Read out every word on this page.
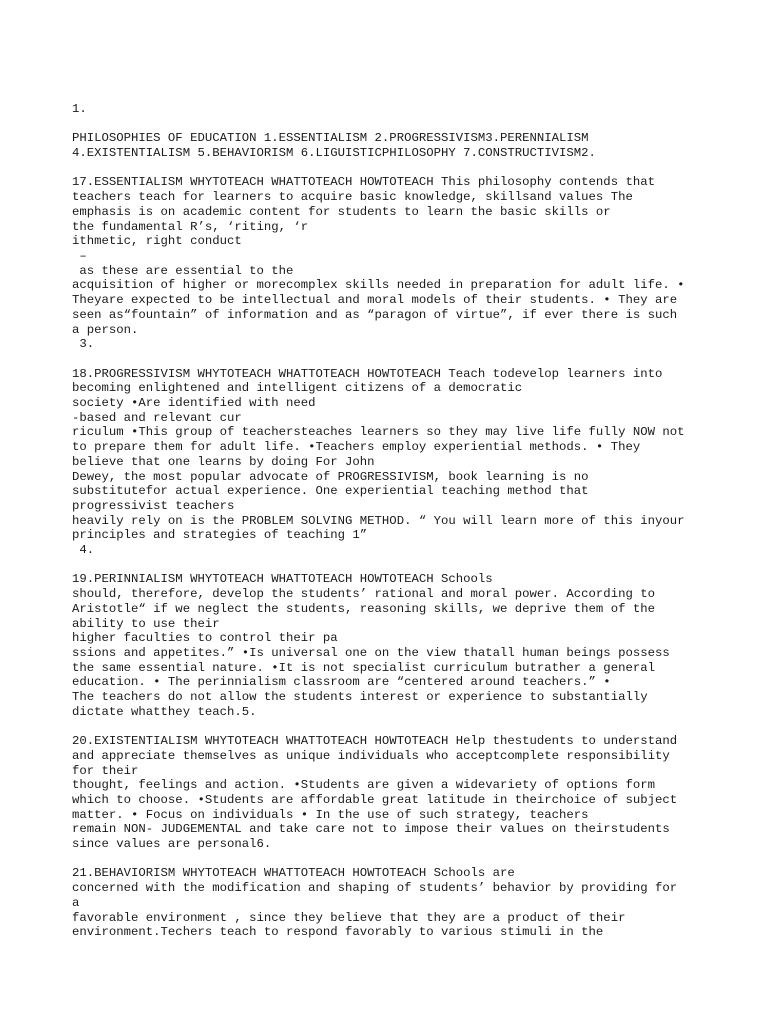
1.
PHILOSOPHIES OF EDUCATION 1.ESSENTIALISM 2.PROGRESSIVISM3.PERENNIALISM
4.EXISTENTIALISM 5.BEHAVIORISM 6.LIGUISTICPHILOSOPHY 7.CONSTRUCTIVISM2.
17.ESSENTIALISM WHYTOTEACH WHATTOTEACH HOWTOTEACH This philosophy contends that
teachers teach for learners to acquire basic knowledge, skillsand values The
emphasis is on academic content for students to learn the basic skills or
the fundamental R’s, ‘riting, ‘r
ithmetic, right conduct
–
as these are essential to the
acquisition of higher or morecomplex skills needed in preparation for adult life. •
Theyare expected to be intellectual and moral models of their students. • They are
seen as“fountain” of information and as “paragon of virtue”, if ever there is such
a person.
3.
18.PROGRESSIVISM WHYTOTEACH WHATTOTEACH HOWTOTEACH Teach todevelop learners into
becoming enlightened and intelligent citizens of a democratic
society •Are identified with need
-based and relevant cur
riculum •This group of teachersteaches learners so they may live life fully NOW not
to prepare them for adult life. •Teachers employ experiential methods. • They
believe that one learns by doing For John
Dewey, the most popular advocate of PROGRESSIVISM, book learning is no
substitutefor actual experience. One experiential teaching method that
progressivist teachers
heavily rely on is the PROBLEM SOLVING METHOD. “ You will learn more of this inyour
principles and strategies of teaching 1”
4.
19.PERINNIALISM WHYTOTEACH WHATTOTEACH HOWTOTEACH Schools
should, therefore, develop the students’ rational and moral power. According to
Aristotle“ if we neglect the students, reasoning skills, we deprive them of the
ability to use their
higher faculties to control their pa
ssions and appetites.” •Is universal one on the view thatall human beings possess
the same essential nature. •It is not specialist curriculum butrather a general
education. • The perinnialism classroom are “centered around teachers.” •
The teachers do not allow the students interest or experience to substantially
dictate whatthey teach.5.
20.EXISTENTIALISM WHYTOTEACH WHATTOTEACH HOWTOTEACH Help thestudents to understand
and appreciate themselves as unique individuals who acceptcomplete responsibility
for their
thought, feelings and action. •Students are given a widevariety of options form
which to choose. •Students are affordable great latitude in theirchoice of subject
matter. • Focus on individuals • In the use of such strategy, teachers
remain NON- JUDGEMENTAL and take care not to impose their values on theirstudents
since values are personal6.
21.BEHAVIORISM WHYTOTEACH WHATTOTEACH HOWTOTEACH Schools are
concerned with the modification and shaping of students’ behavior by providing for
a
favorable environment , since they believe that they are a product of their
environment.Techers teach to respond favorably to various stimuli in the
